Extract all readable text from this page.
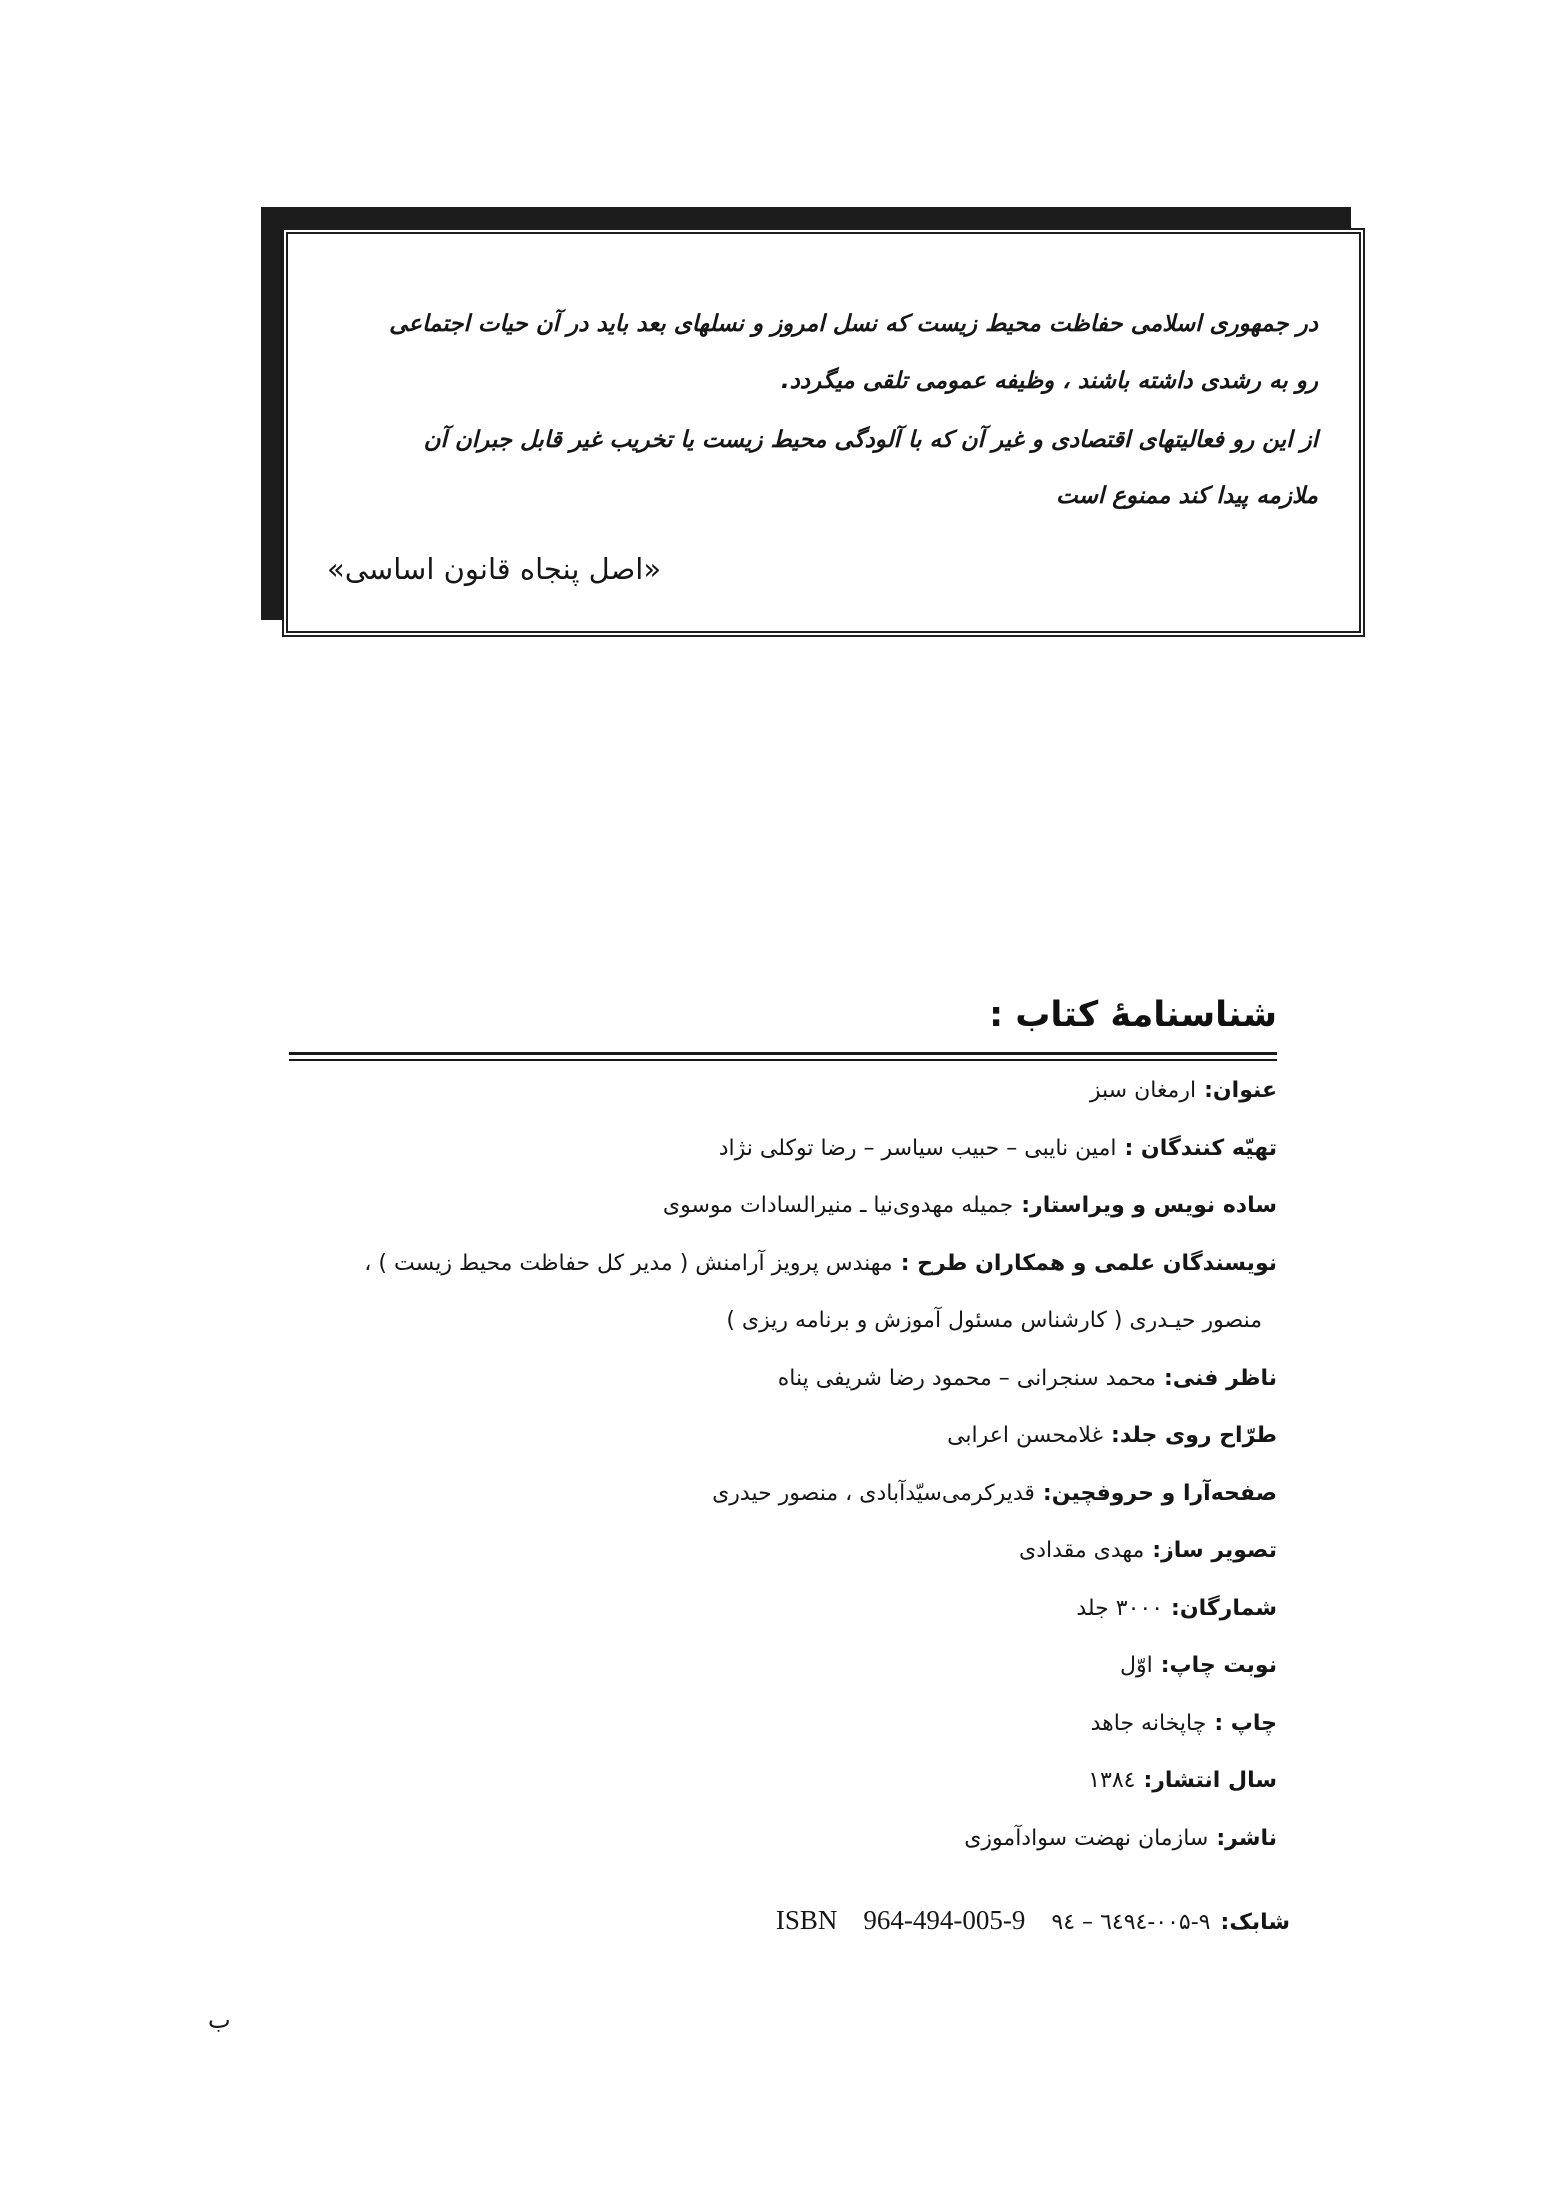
در جمهوری اسلامی حفاظت محیط زیست که نسل امروز و نسلهای بعد باید در آن حیات اجتماعی
رو به رشدی داشته باشند ، وظیفه عمومی تلقی میگردد.
از این رو فعالیتهای اقتصادی و غیر آن که با آلودگی محیط زیست یا تخریب غیر قابل جبران آن
ملازمه پیدا کند ممنوع است
«اصل پنجاه قانون اساسی»
شناسنامهٔ کتاب :
عنوان:ارمغان سبز
تهیّه کنندگان :امین نایبی – حبیب سیاسر – رضا توکلی نژاد
ساده نویس و ویراستار:جمیله مهدوی‌نیا ـ منیرالسادات موسوی
نویسندگان علمی و همکاران طرح :مهندس پرویز آرامنش ( مدیر کل حفاظت محیط زیست ) ،
منصور حیـدری ( کارشناس مسئول آموزش و برنامه ریزی )
ناظر فنی:محمد سنجرانی – محمود رضا شریفی پناه
طرّاح روی جلد:غلامحسن اعرابی
صفحه‌آرا و حروفچین:قدیرکرمی‌سیّدآبادی ، منصور حیدری
تصویر ساز:مهدی مقدادی
شمارگان:۳۰۰۰ جلد
نوبت چاپ:اوّل
چاپ :چاپخانه جاهد
سال انتشار:۱۳۸٤
ناشر:سازمان نهضت سوادآموزی
شابک:۹٦٤ – ٤۹٤-۰۰۵-۹ISBN 964-494-005-9
ب
